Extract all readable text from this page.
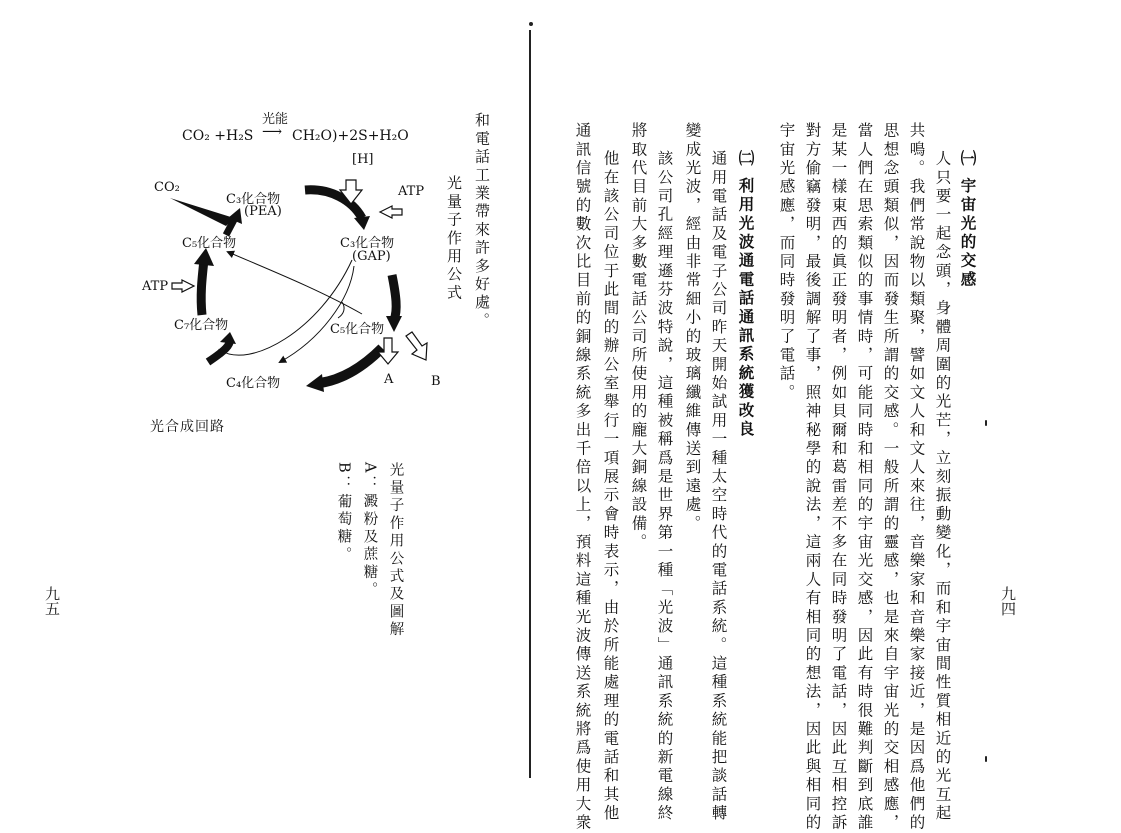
CO₂ +H₂S
光能
⟶ CH₂O)+2S+H₂O	和電話工業帶來許多好處。
光量子作用公式
CO₂
[H]
ATP
ATP
C₃化合物
(PEA)
C₃化合物
(GAP)
C₅化合物
C₅化合物
C₇化合物
C₄化合物	A	B
光合成回路
光量子作用公式及圖解
A：澱粉及蔗糖。
B：葡萄糖。
九五	九四
㈠ 宇宙光的交感
人只要一起念頭，身體周圍的光芒，立刻振動變化，而和宇宙間性質相近的光互起
共鳴。我們常說物以類聚，譬如文人和文人來往，音樂家和音樂家接近，是因爲他們的
思想念頭類似，因而發生所謂的交感。一般所謂的靈感，也是來自宇宙光的交相感應，
當人們在思索類似的事情時，可能同時和相同的宇宙光交感，因此有時很難判斷到底誰
是某一樣東西的眞正發明者，例如貝爾和葛雷差不多在同時發明了電話，因此互相控訴
對方偷竊發明，最後調解了事，照神秘學的說法，這兩人有相同的想法，因此與相同的
宇宙光感應，而同時發明了電話。
㈡ 利用光波通電話通訊系統獲改良
通用電話及電子公司昨天開始試用一種太空時代的電話系統。這種系統能把談話轉
變成光波，經由非常細小的玻璃纖維傳送到遠處。
該公司孔經理遜芬波特說，這種被稱爲是世界第一種「光波」通訊系統的新電線終
將取代目前大多數電話公司所使用的龐大銅線設備。
他在該公司位于此間的辦公室舉行一項展示會時表示，由於所能處理的電話和其他
通訊信號的數次比目前的銅線系統多出千倍以上，預料這種光波傳送系統將爲使用大衆
